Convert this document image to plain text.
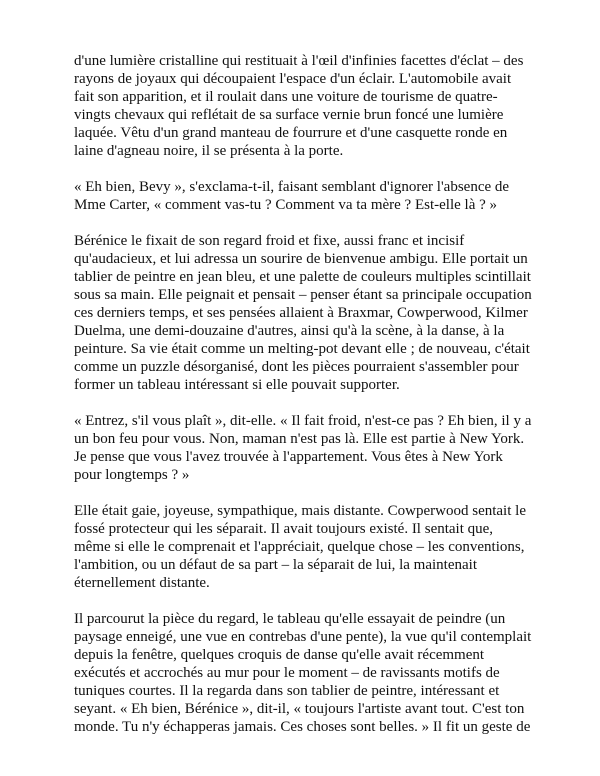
d'une lumière cristalline qui restituait à l'œil d'infinies facettes d'éclat – des
rayons de joyaux qui découpaient l'espace d'un éclair. L'automobile avait
fait son apparition, et il roulait dans une voiture de tourisme de quatre-
vingts chevaux qui reflétait de sa surface vernie brun foncé une lumière
laquée. Vêtu d'un grand manteau de fourrure et d'une casquette ronde en
laine d'agneau noire, il se présenta à la porte.

« Eh bien, Bevy », s'exclama-t-il, faisant semblant d'ignorer l'absence de
Mme Carter, « comment vas-tu ? Comment va ta mère ? Est-elle là ? »

Bérénice le fixait de son regard froid et fixe, aussi franc et incisif
qu'audacieux, et lui adressa un sourire de bienvenue ambigu. Elle portait un
tablier de peintre en jean bleu, et une palette de couleurs multiples scintillait
sous sa main. Elle peignait et pensait – penser étant sa principale occupation
ces derniers temps, et ses pensées allaient à Braxmar, Cowperwood, Kilmer
Duelma, une demi-douzaine d'autres, ainsi qu'à la scène, à la danse, à la
peinture. Sa vie était comme un melting-pot devant elle ; de nouveau, c'était
comme un puzzle désorganisé, dont les pièces pourraient s'assembler pour
former un tableau intéressant si elle pouvait supporter.

« Entrez, s'il vous plaît », dit-elle. « Il fait froid, n'est-ce pas ? Eh bien, il y a
un bon feu pour vous. Non, maman n'est pas là. Elle est partie à New York.
Je pense que vous l'avez trouvée à l'appartement. Vous êtes à New York
pour longtemps ? »

Elle était gaie, joyeuse, sympathique, mais distante. Cowperwood sentait le
fossé protecteur qui les séparait. Il avait toujours existé. Il sentait que,
même si elle le comprenait et l'appréciait, quelque chose – les conventions,
l'ambition, ou un défaut de sa part – la séparait de lui, la maintenait
éternellement distante.

Il parcourut la pièce du regard, le tableau qu'elle essayait de peindre (un
paysage enneigé, une vue en contrebas d'une pente), la vue qu'il contemplait
depuis la fenêtre, quelques croquis de danse qu'elle avait récemment
exécutés et accrochés au mur pour le moment – de ravissants motifs de
tuniques courtes. Il la regarda dans son tablier de peintre, intéressant et
seyant. « Eh bien, Bérénice », dit-il, « toujours l'artiste avant tout. C'est ton
monde. Tu n'y échapperas jamais. Ces choses sont belles. » Il fit un geste de
